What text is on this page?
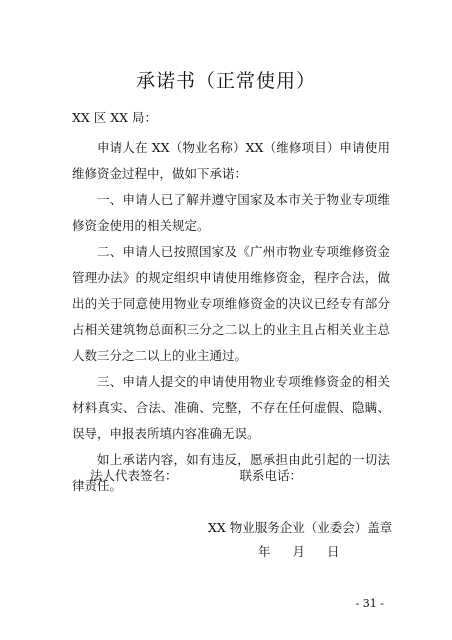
承诺书（正常使用）
XX 区 XX 局：

申请人在 XX（物业名称）XX（维修项目）申请使用维修资金过程中，做如下承诺：

一、申请人已了解并遵守国家及本市关于物业专项维修资金使用的相关规定。

二、申请人已按照国家及《广州市物业专项维修资金管理办法》的规定组织申请使用维修资金，程序合法，做出的关于同意使用物业专项维修资金的决议已经专有部分占相关建筑物总面积三分之二以上的业主且占相关业主总人数三分之二以上的业主通过。

三、申请人提交的申请使用物业专项维修资金的相关材料真实、合法、准确、完整，不存在任何虚假、隐瞒、误导，申报表所填内容准确无误。

如上承诺内容，如有违反，愿承担由此引起的一切法律责任。

法人代表签名：	联系电话：
XX 物业服务企业（业委会）盖章
年 月 日
- 31 -
